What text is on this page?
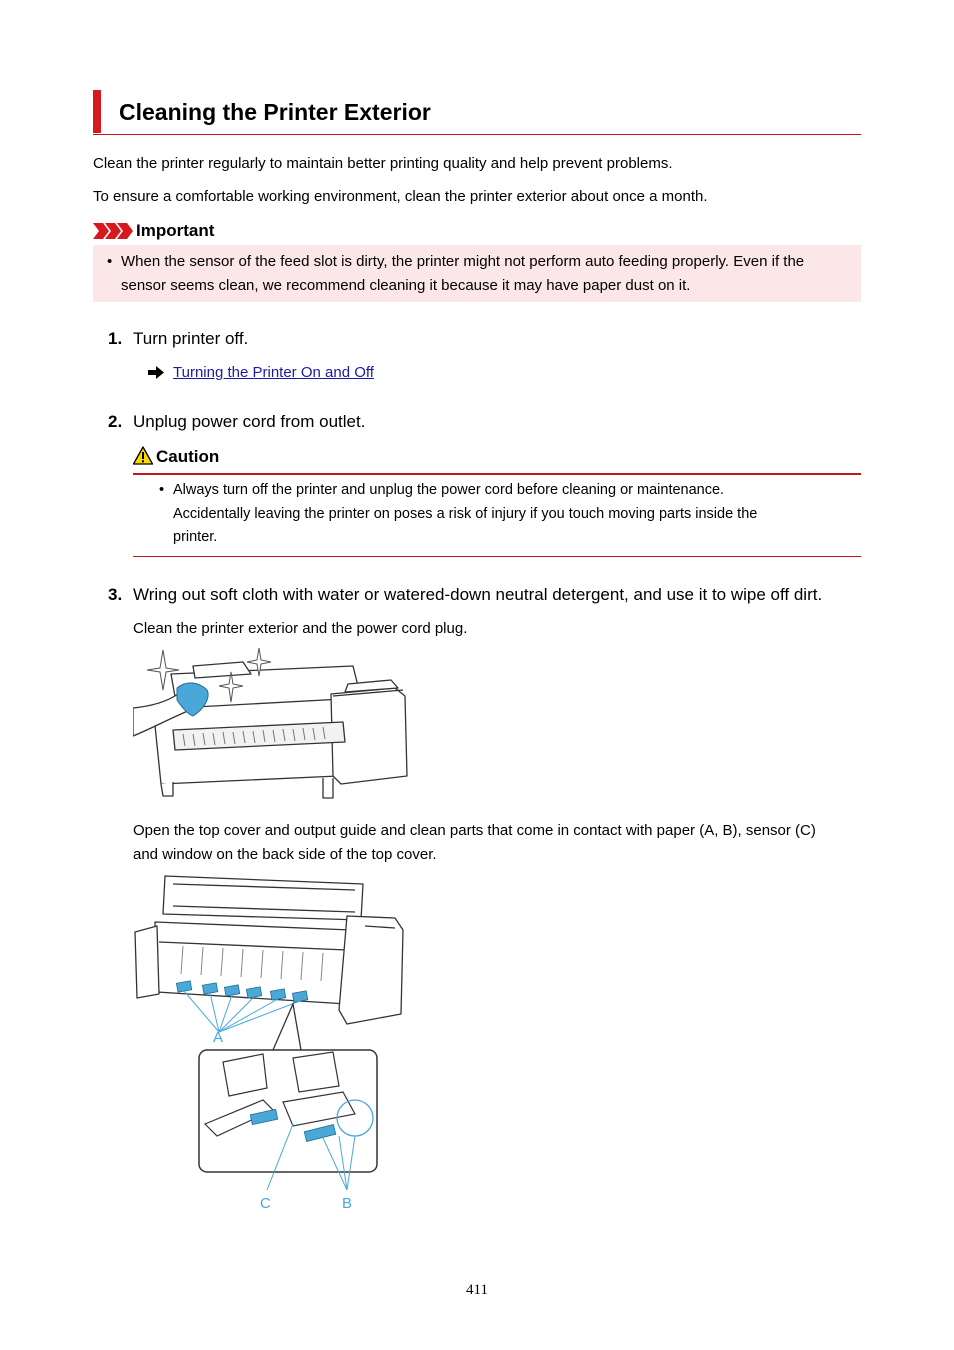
Cleaning the Printer Exterior
Clean the printer regularly to maintain better printing quality and help prevent problems.
To ensure a comfortable working environment, clean the printer exterior about once a month.
Important
• When the sensor of the feed slot is dirty, the printer might not perform auto feeding properly. Even if the
sensor seems clean, we recommend cleaning it because it may have paper dust on it.
1. Turn printer off.
Turning the Printer On and Off
2. Unplug power cord from outlet.
Caution
• Always turn off the printer and unplug the power cord before cleaning or maintenance.
Accidentally leaving the printer on poses a risk of injury if you touch moving parts inside the
printer.
3. Wring out soft cloth with water or watered-down neutral detergent, and use it to wipe off dirt.
Clean the printer exterior and the power cord plug.
Open the top cover and output guide and clean parts that come in contact with paper (A, B), sensor (C)
and window on the back side of the top cover.
A
B
C
411
